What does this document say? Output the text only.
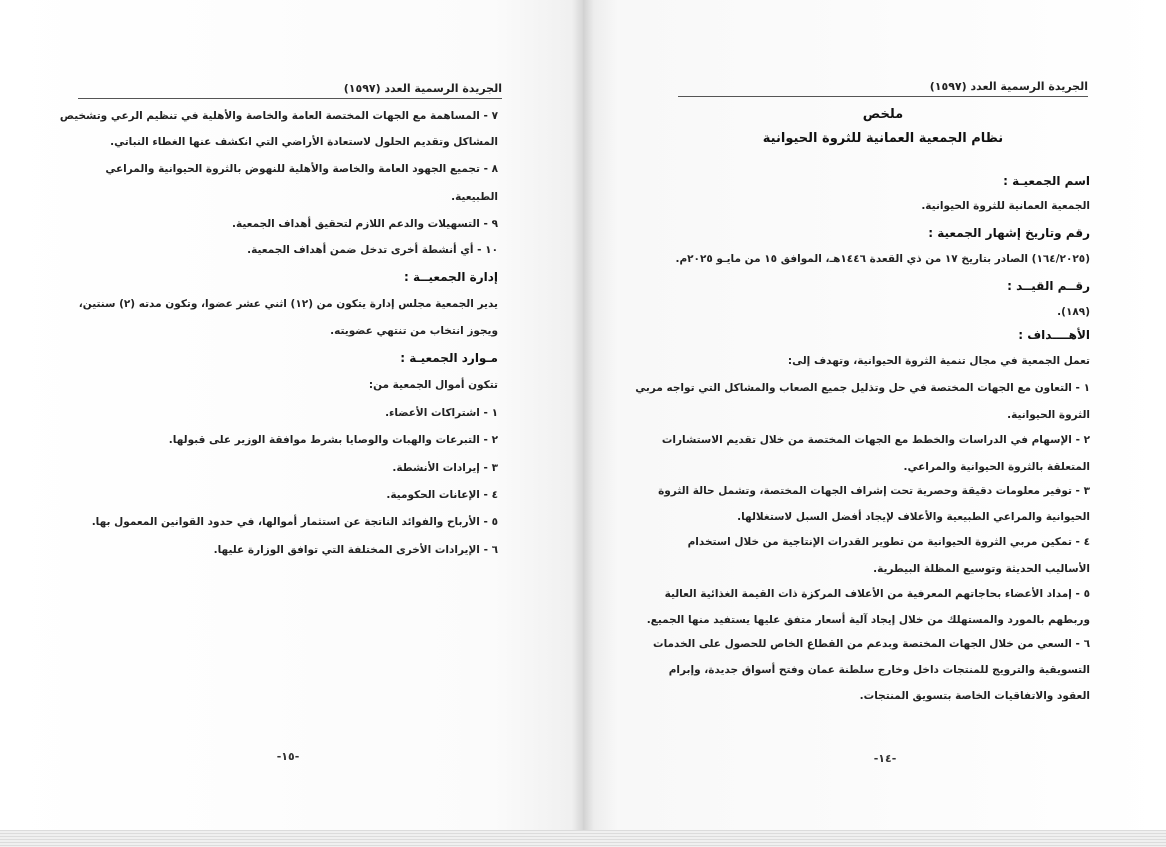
الجريدة الرسمية العدد (١٥٩٧)
٧ - المساهمة مع الجهات المختصة العامة والخاصة والأهلية في تنظيم الرعي وتشخيص
المشاكل وتقديم الحلول لاستعادة الأراضي التي انكشف عنها الغطاء النباتي.
٨ - تجميع الجهود العامة والخاصة والأهلية للنهوض بالثروة الحيوانية والمراعي
الطبيعية.
٩ - التسهيلات والدعم اللازم لتحقيق أهداف الجمعية.
١٠ - أي أنشطة أخرى تدخل ضمن أهداف الجمعية.
إدارة الجمعيــة :
يدير الجمعية مجلس إدارة يتكون من (١٢) اثني عشر عضوا، وتكون مدته (٢) سنتين،
ويجوز انتخاب من تنتهي عضويته.
مـوارد الجمعيـة :
تتكون أموال الجمعية من:
١ - اشتراكات الأعضاء.
٢ - التبرعات والهبات والوصايا بشرط موافقة الوزير على قبولها.
٣ - إيرادات الأنشطة.
٤ - الإعانات الحكومية.
٥ - الأرباح والفوائد الناتجة عن استثمار أموالها، في حدود القوانين المعمول بها.
٦ - الإيرادات الأخرى المختلفة التي توافق الوزارة عليها.
-١٥-
الجريدة الرسمية العدد (١٥٩٧)
ملخص
نظام الجمعية العمانية للثروة الحيوانية
اسم الجمعيـة :
الجمعية العمانية للثروة الحيوانية.
رقم وتاريخ إشهار الجمعية :
(١٦٤/٢٠٢٥) الصادر بتاريخ ١٧ من ذي القعدة ١٤٤٦هـ، الموافق ١٥ من مايـو ٢٠٢٥م.
رقــم القيــد :
(١٨٩).
الأهــــداف :
تعمل الجمعية في مجال تنمية الثروة الحيوانية، وتهدف إلى:
١ - التعاون مع الجهات المختصة في حل وتذليل جميع الصعاب والمشاكل التي تواجه مربي
الثروة الحيوانية.
٢ - الإسهام في الدراسات والخطط مع الجهات المختصة من خلال تقديم الاستشارات
المتعلقة بالثروة الحيوانية والمراعي.
٣ - توفير معلومات دقيقة وحصرية تحت إشراف الجهات المختصة، وتشمل حالة الثروة
الحيوانية والمراعي الطبيعية والأعلاف لإيجاد أفضل السبل لاستغلالها.
٤ - تمكين مربي الثروة الحيوانية من تطوير القدرات الإنتاجية من خلال استخدام
الأساليب الحديثة وتوسيع المظلة البيطرية.
٥ - إمداد الأعضاء بحاجاتهم المعرفية من الأعلاف المركزة ذات القيمة الغذائية العالية
وربطهم بالمورد والمستهلك من خلال إيجاد آلية أسعار متفق عليها يستفيد منها الجميع.
٦ - السعي من خلال الجهات المختصة وبدعم من القطاع الخاص للحصول على الخدمات
التسويقية والترويج للمنتجات داخل وخارج سلطنة عمان وفتح أسواق جديدة، وإبرام
العقود والاتفاقيات الخاصة بتسويق المنتجات.
-١٤-
